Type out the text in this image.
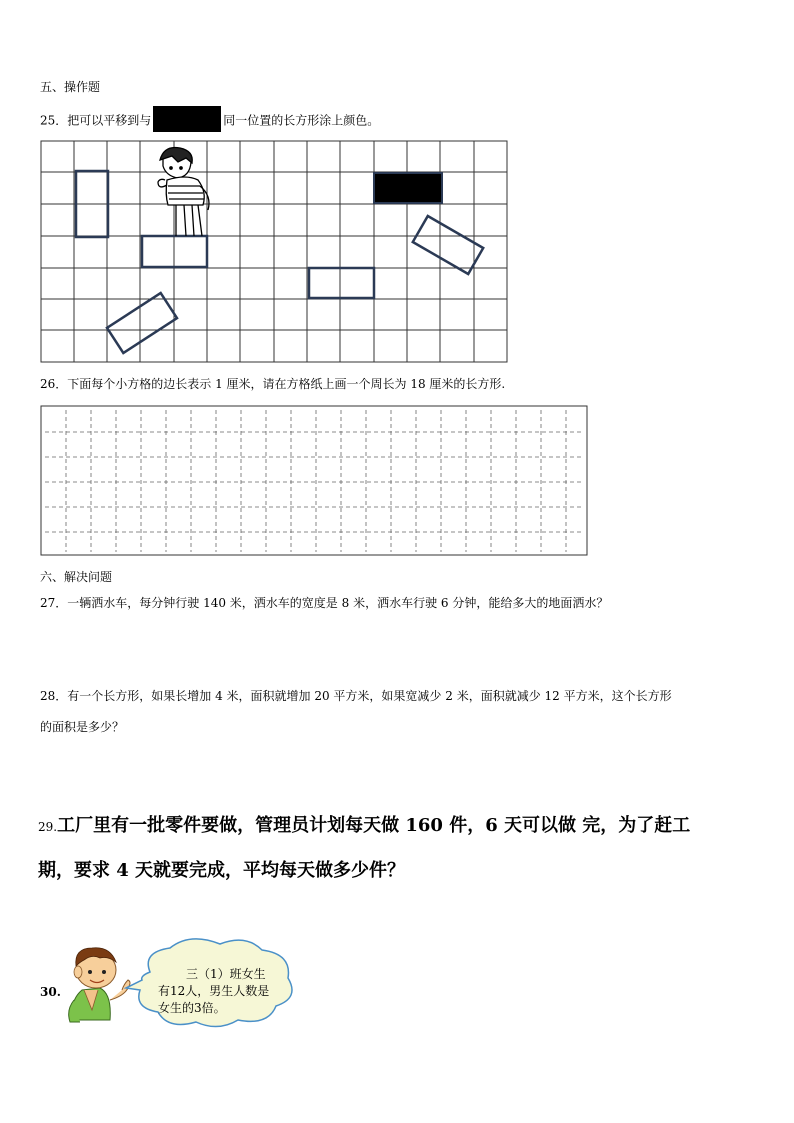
五、操作题
25．把可以平移到与	同一位置的长方形涂上颜色。
26．下面每个小方格的边长表示 1 厘米，请在方格纸上画一个周长为 18 厘米的长方形.
六、解决问题
27．一辆洒水车，每分钟行驶 140 米，洒水车的宽度是 8 米，洒水车行驶 6 分钟，能给多大的地面洒水？
28．有一个长方形，如果长增加 4 米，面积就增加 20 平方米，如果宽减少 2 米，面积就减少 12 平方米，这个长方形
的面积是多少？
29.工厂里有一批零件要做，管理员计划每天做 160 件，6 天可以做 完，为了赶工
期，要求 4 天就要完成，平均每天做多少件？
30.
三（1）班女生
有12人，男生人数是
女生的3倍。
